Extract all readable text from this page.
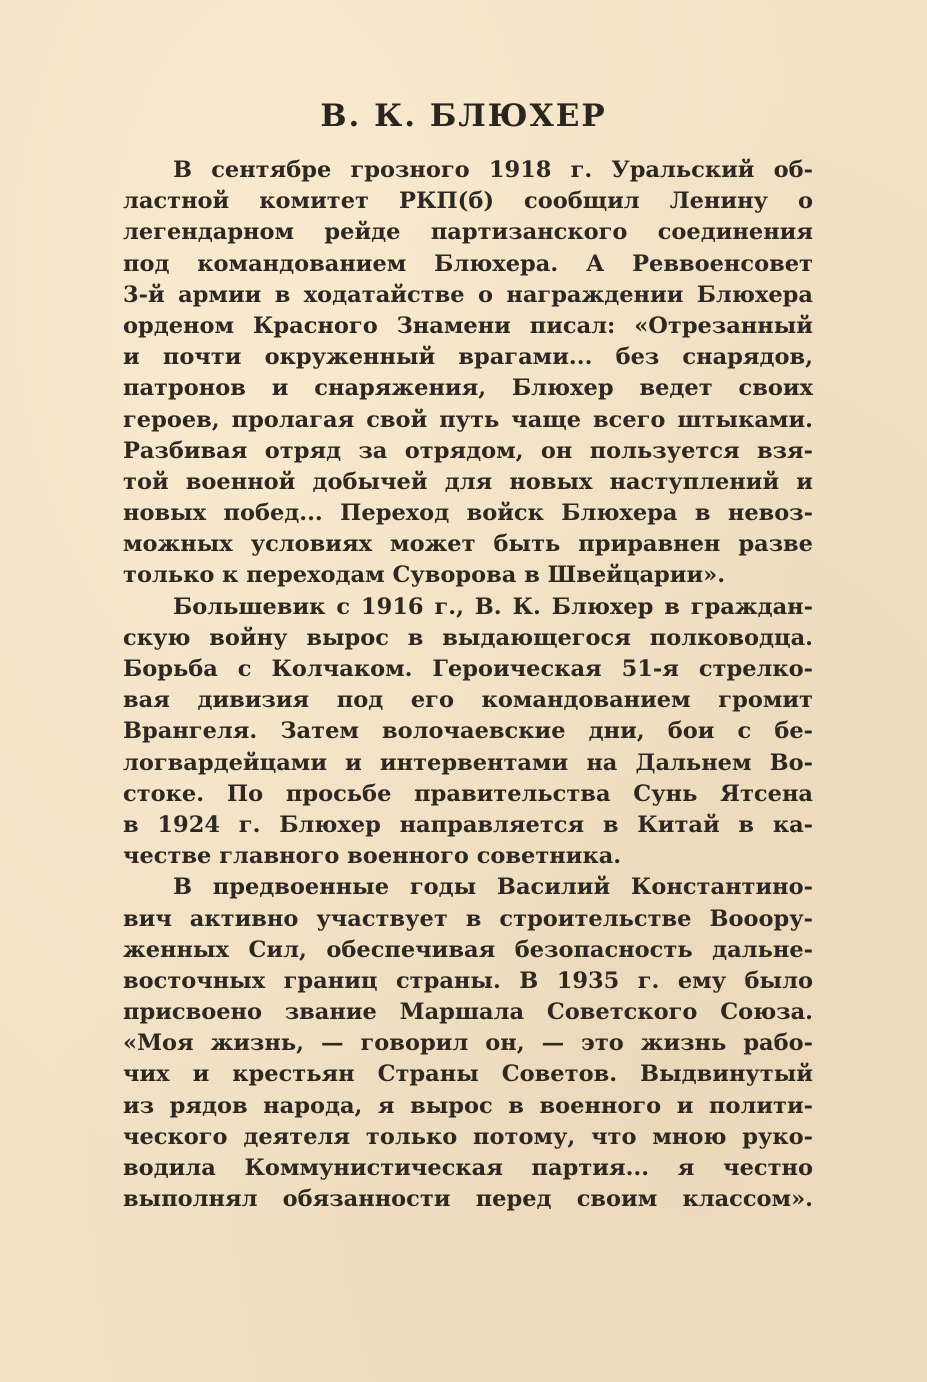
В. К. БЛЮХЕР
В сентябре грозного 1918 г. Уральский об-
ластной комитет РКП(б) сообщил Ленину о
легендарном рейде партизанского соединения
под командованием Блюхера. А Реввоенсовет
3-й армии в ходатайстве о награждении Блюхера
орденом Красного Знамени писал: «Отрезанный
и почти окруженный врагами... без снарядов,
патронов и снаряжения, Блюхер ведет своих
героев, пролагая свой путь чаще всего штыками.
Разбивая отряд за отрядом, он пользуется взя-
той военной добычей для новых наступлений и
новых побед... Переход войск Блюхера в невоз-
можных условиях может быть приравнен разве
только к переходам Суворова в Швейцарии».
Большевик с 1916 г., В. К. Блюхер в граждан-
скую войну вырос в выдающегося полководца.
Борьба с Колчаком. Героическая 51-я стрелко-
вая дивизия под его командованием громит
Врангеля. Затем волочаевские дни, бои с бе-
логвардейцами и интервентами на Дальнем Во-
стоке. По просьбе правительства Сунь Ятсена
в 1924 г. Блюхер направляется в Китай в ка-
честве главного военного советника.
В предвоенные годы Василий Константино-
вич активно участвует в строительстве Вооору-
женных Сил, обеспечивая безопасность дальне-
восточных границ страны. В 1935 г. ему было
присвоено звание Маршала Советского Союза.
«Моя жизнь, — говорил он, — это жизнь рабо-
чих и крестьян Страны Советов. Выдвинутый
из рядов народа, я вырос в военного и полити-
ческого деятеля только потому, что мною руко-
водила Коммунистическая партия... я честно
выполнял обязанности перед своим классом».
